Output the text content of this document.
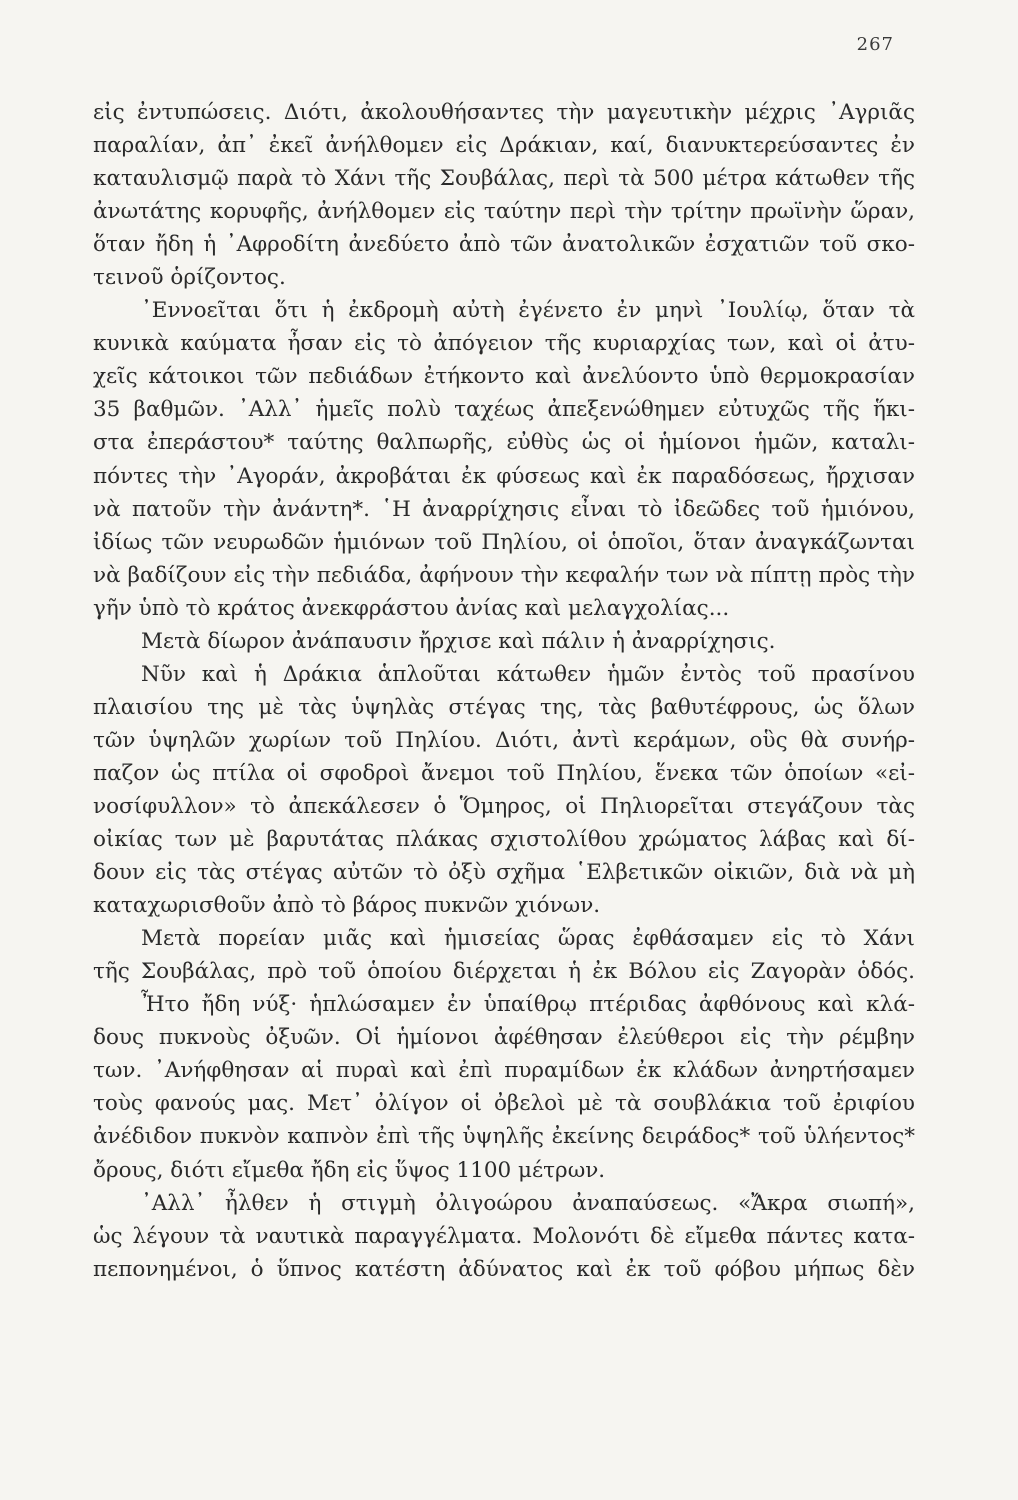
267
εἰς ἐντυπώσεις. Διότι, ἀκολουθήσαντες τὴν μαγευτικὴν μέχρις ᾿Αγριᾶς
παραλίαν, ἀπ᾿ ἐκεῖ ἀνήλθομεν εἰς Δράκιαν, καί, διανυκτερεύσαντες ἐν
καταυλισμῷ παρὰ τὸ Χάνι τῆς Σουβάλας, περὶ τὰ 500 μέτρα κάτωθεν τῆς
ἀνωτάτης κορυφῆς, ἀνήλθομεν εἰς ταύτην περὶ τὴν τρίτην πρωϊνὴν ὥραν,
ὅταν ἤδη ἡ ᾿Αφροδίτη ἀνεδύετο ἀπὸ τῶν ἀνατολικῶν ἐσχατιῶν τοῦ σκο-
τεινοῦ ὁρίζοντος.
᾿Εννοεῖται ὅτι ἡ ἐκδρομὴ αὐτὴ ἐγένετο ἐν μηνὶ ᾿Ιουλίῳ, ὅταν τὰ
κυνικὰ καύματα ἦσαν εἰς τὸ ἀπόγειον τῆς κυριαρχίας των, καὶ οἱ ἀτυ-
χεῖς κάτοικοι τῶν πεδιάδων ἐτήκοντο καὶ ἀνελύοντο ὑπὸ θερμοκρασίαν
35 βαθμῶν. ᾿Αλλ᾿ ἡμεῖς πολὺ ταχέως ἀπεξενώθημεν εὐτυχῶς τῆς ἥκι-
στα ἐπεράστου* ταύτης θαλπωρῆς, εὐθὺς ὡς οἱ ἡμίονοι ἡμῶν, καταλι-
πόντες τὴν ᾿Αγοράν, ἀκροβάται ἐκ φύσεως καὶ ἐκ παραδόσεως, ἤρχισαν
νὰ πατοῦν τὴν ἀνάντη*. ῾Η ἀναρρίχησις εἶναι τὸ ἰδεῶδες τοῦ ἡμιόνου,
ἰδίως τῶν νευρωδῶν ἡμιόνων τοῦ Πηλίου, οἱ ὁποῖοι, ὅταν ἀναγκάζωνται
νὰ βαδίζουν εἰς τὴν πεδιάδα, ἀφήνουν τὴν κεφαλήν των νὰ πίπτῃ πρὸς τὴν
γῆν ὑπὸ τὸ κράτος ἀνεκφράστου ἀνίας καὶ μελαγχολίας...
Μετὰ δίωρον ἀνάπαυσιν ἤρχισε καὶ πάλιν ἡ ἀναρρίχησις.
Νῦν καὶ ἡ Δράκια ἁπλοῦται κάτωθεν ἡμῶν ἐντὸς τοῦ πρασίνου
πλαισίου της μὲ τὰς ὑψηλὰς στέγας της, τὰς βαθυτέφρους, ὡς ὅλων
τῶν ὑψηλῶν χωρίων τοῦ Πηλίου. Διότι, ἀντὶ κεράμων, οὓς θὰ συνήρ-
παζον ὡς πτίλα οἱ σφοδροὶ ἄνεμοι τοῦ Πηλίου, ἕνεκα τῶν ὁποίων «εἰ-
νοσίφυλλον» τὸ ἀπεκάλεσεν ὁ Ὅμηρος, οἱ Πηλιορεῖται στεγάζουν τὰς
οἰκίας των μὲ βαρυτάτας πλάκας σχιστολίθου χρώματος λάβας καὶ δί-
δουν εἰς τὰς στέγας αὐτῶν τὸ ὀξὺ σχῆμα ῾Ελβετικῶν οἰκιῶν, διὰ νὰ μὴ
καταχωρισθοῦν ἀπὸ τὸ βάρος πυκνῶν χιόνων.
Μετὰ πορείαν μιᾶς καὶ ἡμισείας ὥρας ἐφθάσαμεν εἰς τὸ Χάνι
τῆς Σουβάλας, πρὸ τοῦ ὁποίου διέρχεται ἡ ἐκ Βόλου εἰς Ζαγορὰν ὁδός.
Ἦτο ἤδη νύξ· ἡπλώσαμεν ἐν ὑπαίθρῳ πτέριδας ἀφθόνους καὶ κλά-
δους πυκνοὺς ὀξυῶν. Οἱ ἡμίονοι ἀφέθησαν ἐλεύθεροι εἰς τὴν ρέμβην
των. ᾿Ανήφθησαν αἱ πυραὶ καὶ ἐπὶ πυραμίδων ἐκ κλάδων ἀνηρτήσαμεν
τοὺς φανούς μας. Μετ᾿ ὀλίγον οἱ ὀβελοὶ μὲ τὰ σουβλάκια τοῦ ἐριφίου
ἀνέδιδον πυκνὸν καπνὸν ἐπὶ τῆς ὑψηλῆς ἐκείνης δειράδος* τοῦ ὑλήεντος*
ὄρους, διότι εἴμεθα ἤδη εἰς ὕψος 1100 μέτρων.
᾿Αλλ᾿ ἦλθεν ἡ στιγμὴ ὀλιγοώρου ἀναπαύσεως. «Ἄκρα σιωπή»,
ὡς λέγουν τὰ ναυτικὰ παραγγέλματα. Μολονότι δὲ εἴμεθα πάντες κατα-
πεπονημένοι, ὁ ὕπνος κατέστη ἀδύνατος καὶ ἐκ τοῦ φόβου μήπως δὲν
